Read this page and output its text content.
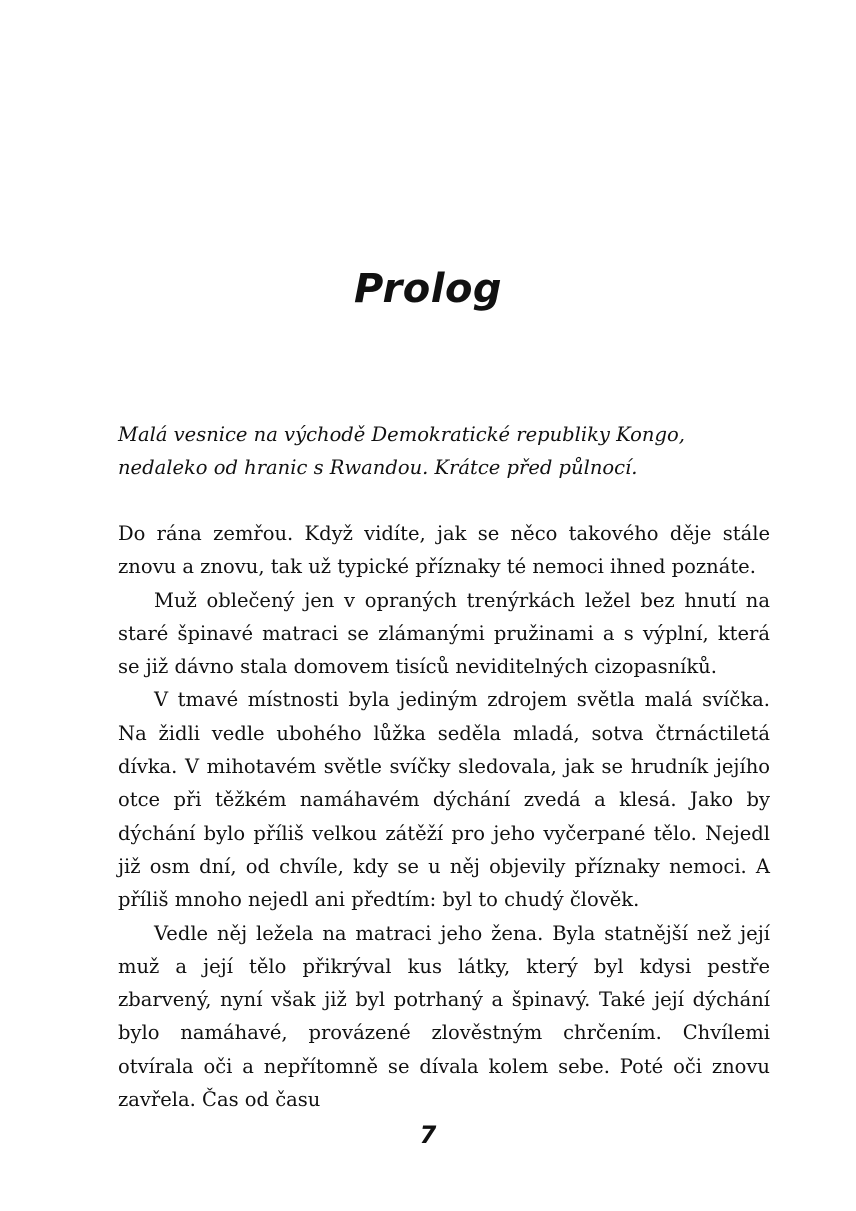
Prolog

Malá vesnice na východě Demokratické republiky Kongo, nedaleko od hranic s Rwandou. Krátce před půlnocí.

Do rána zemřou. Když vidíte, jak se něco takového děje stále znovu a znovu, tak už typické příznaky té nemoci ihned poznáte.

Muž oblečený jen v opraných trenýrkách ležel bez hnutí na staré špinavé matraci se zlámanými pružinami a s výplní, která se již dávno stala domovem tisíců neviditelných cizopasníků.

V tmavé místnosti byla jediným zdrojem světla malá svíčka. Na židli vedle ubohého lůžka seděla mladá, sotva čtrnáctiletá dívka. V mihotavém světle svíčky sledovala, jak se hrudník jejího otce při těžkém namáhavém dýchání zvedá a klesá. Jako by dýchání bylo příliš velkou zátěží pro jeho vyčerpané tělo. Nejedl již osm dní, od chvíle, kdy se u něj objevily příznaky nemoci. A příliš mnoho nejedl ani předtím: byl to chudý člověk.

Vedle něj ležela na matraci jeho žena. Byla statnější než její muž a její tělo přikrýval kus látky, který byl kdysi pestře zbarvený, nyní však již byl potrhaný a špinavý. Také její dýchání bylo namáhavé, provázené zlověstným chrčením. Chvílemi otvírala oči a nepřítomně se dívala kolem sebe. Poté oči znovu zavřela. Čas od času

7
